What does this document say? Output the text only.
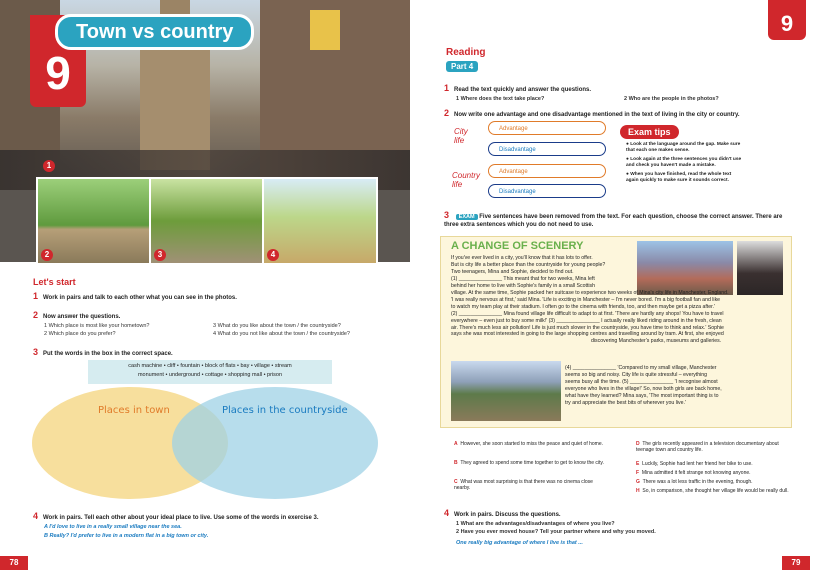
9
Town vs country
1
2	3	4
Let's start
1 Work in pairs and talk to each other what you can see in the photos.
2 Now answer the questions.
1 Which place is most like your hometown?
2 Which place do you prefer?
3 What do you like about the town / the countryside?
4 What do you not like about the town / the countryside?
3 Put the words in the box in the correct space.
cash machine • cliff • fountain • block of flats • bay • village • stream
monument • underground • cottage • shopping mall • prison
Places in town	Places in the countryside
4 Work in pairs. Tell each other about your ideal place to live. Use some of the words in exercise 3.
A I'd love to live in a really small village near the sea.
B Really? I'd prefer to live in a modern flat in a big town or city.
78
9
Reading
Part 4
1 Read the text quickly and answer the questions.
1 Where does the text take place?	2 Who are the people in the photos?
2 Now write one advantage and one disadvantage mentioned in the text of living in the city or country.
City life
Advantage
Disadvantage
Country life
Advantage
Disadvantage
Exam tips
● Look at the language around the gap. Make sure that each one makes sense.
● Look again at the three sentences you didn't use and check you haven't made a mistake.
● When you have finished, read the whole text again quickly to make sure it sounds correct.
3 EXAM Five sentences have been removed from the text. For each question, choose the correct answer. There are three extra sentences which you do not need to use.
A CHANGE OF SCENERY
If you've ever lived in a city, you'll know that it has lots to offer.
But is city life a better place than the countryside for young people?
Two teenagers, Mina and Sophie, decided to find out.
(1) _______________ This meant that for two weeks, Mina left
behind her home to live with Sophie's family in a small Scottish
village. At the same time, Sophie packed her suitcase to experience two weeks of Mina's city life in Manchester, England.
'I was really nervous at first,' said Mina. 'Life is exciting in Manchester – I'm never bored. I'm a big football fan and like
to watch my team play at their stadium. I often go to the cinema with friends, too, and then maybe get a pizza after.'
(2) _______________ Mina found village life difficult to adapt to at first. 'There are hardly any shops! You have to travel
everywhere – even just to buy some milk!' (3) _______________ I actually really liked riding around in the fresh, clean
air. There's much less air pollution! Life is just much slower in the countryside, you have time to think and relax.' Sophie
says she was most interested in going to the large shopping centres and travelling around by tram. At first, she enjoyed
discovering Manchester's parks, museums and galleries.
(4) _______________ 'Compared to my small village, Manchester
seems so big and noisy. City life is quite stressful – everything
seems busy all the time. (5) _______________ 'I recognise almost
everyone who lives in the village!' So, now both girls are back home,
what have they learned? Mina says, 'The most important thing is to
try and appreciate the best bits of wherever you live.'
A However, she soon started to miss the peace and quiet of home.
B They agreed to spend some time together to get to know the city.
C What was most surprising is that there was no cinema close nearby.
D The girls recently appeared in a television documentary about teenage town and country life.
E Luckily, Sophie had lent her friend her bike to use.
F Mina admitted it felt strange not knowing anyone.
G There was a lot less traffic in the evening, though.
H So, in comparison, she thought her village life would be really dull.
4 Work in pairs. Discuss the questions.
1 What are the advantages/disadvantages of where you live?
2 Have you ever moved house? Tell your partner where and why you moved.
One really big advantage of where I live is that ...
79
